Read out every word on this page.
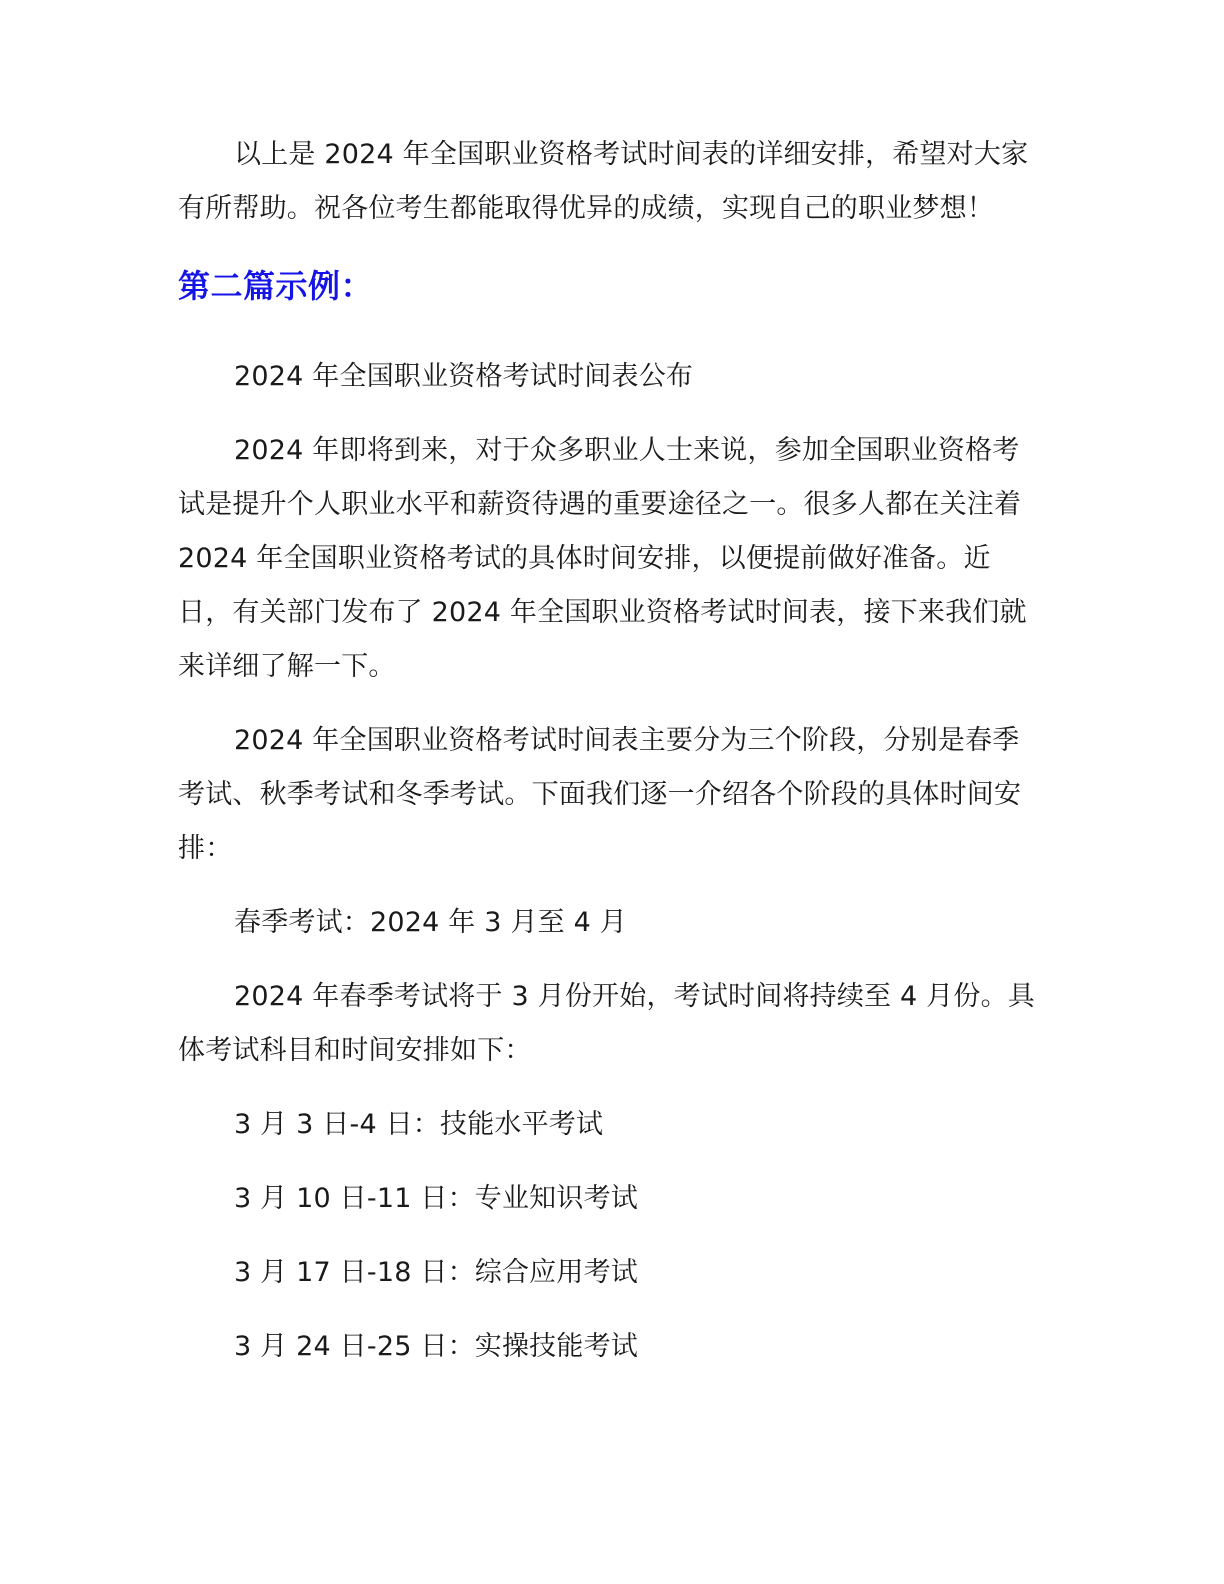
以上是 2024 年全国职业资格考试时间表的详细安排，希望对大家有所帮助。祝各位考生都能取得优异的成绩，实现自己的职业梦想！

第二篇示例：

2024 年全国职业资格考试时间表公布

2024 年即将到来，对于众多职业人士来说，参加全国职业资格考试是提升个人职业水平和薪资待遇的重要途径之一。很多人都在关注着 2024 年全国职业资格考试的具体时间安排，以便提前做好准备。近日，有关部门发布了 2024 年全国职业资格考试时间表，接下来我们就来详细了解一下。

2024 年全国职业资格考试时间表主要分为三个阶段，分别是春季考试、秋季考试和冬季考试。下面我们逐一介绍各个阶段的具体时间安排：

春季考试：2024 年 3 月至 4 月

2024 年春季考试将于 3 月份开始，考试时间将持续至 4 月份。具体考试科目和时间安排如下：

3 月 3 日-4 日：技能水平考试

3 月 10 日-11 日：专业知识考试

3 月 17 日-18 日：综合应用考试

3 月 24 日-25 日：实操技能考试
